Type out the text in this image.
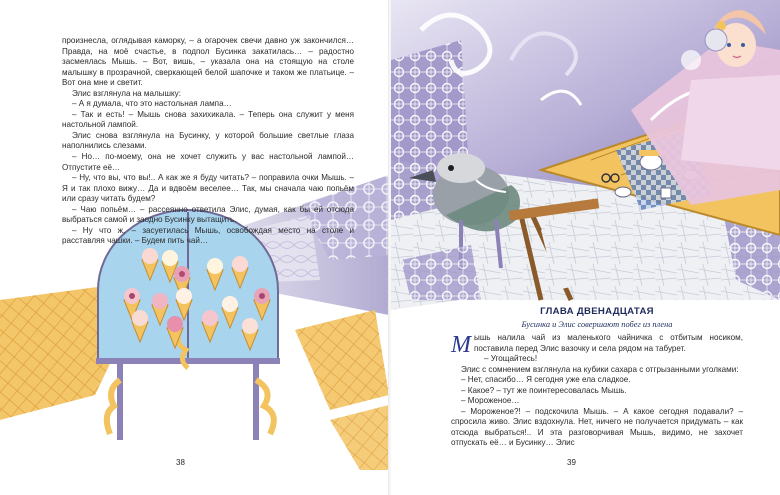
произнесла, оглядывая каморку, – а огарочек свечи давно уж закончился… Правда, на моё счастье, в подпол Бусинка закатилась… – радостно засмеялась Мышь. – Вот, вишь, – указала она на стоящую на столе малышку в прозрачной, сверкающей белой шапочке и таком же платьице. – Вот она мне и светит.

Элис взглянула на малышку:

– А я думала, что это настольная лампа…

– Так и есть! – Мышь снова захихикала. – Теперь она служит у меня настольной лампой.

Элис снова взглянула на Бусинку, у которой большие светлые глаза наполнились слезами.

– Но… по-моему, она не хочет служить у вас настольной лампой… Отпустите её…

– Ну, что вы, что вы!.. А как же я буду читать? – поправила очки Мышь. – Я и так плохо вижу… Да и вдвоём веселее… Так, мы сначала чаю попьём или сразу читать будем?

– Чаю попьём… – рассеянно ответила Элис, думая, как бы ей отсюда выбраться самой и заодно Бусинку вытащить.

– Ну что ж, – засуетилась Мышь, освобождая место на столе и расставляя чашки. – Будем пить чай…

38
ГЛАВА ДВЕНАДЦАТАЯ
Бусинка и Элис совершают побег из плена

Мышь налила чай из маленького чайничка с отбитым носиком, поставила перед Элис вазочку и села рядом на табурет.

– Угощайтесь!

Элис с сомнением взглянула на кубики сахара с отгрызанными уголками:

– Нет, спасибо… Я сегодня уже ела сладкое.

– Какое? – тут же поинтересовалась Мышь.

– Мороженое…

– Мороженое?! – подскочила Мышь. – А какое сегодня подавали? – спросила живо. Элис вздохнула. Нет, ничего не получается придумать – как отсюда выбраться!.. И эта разговорчивая Мышь, видимо, не захочет отпускать её… и Бусинку… Элис

39
